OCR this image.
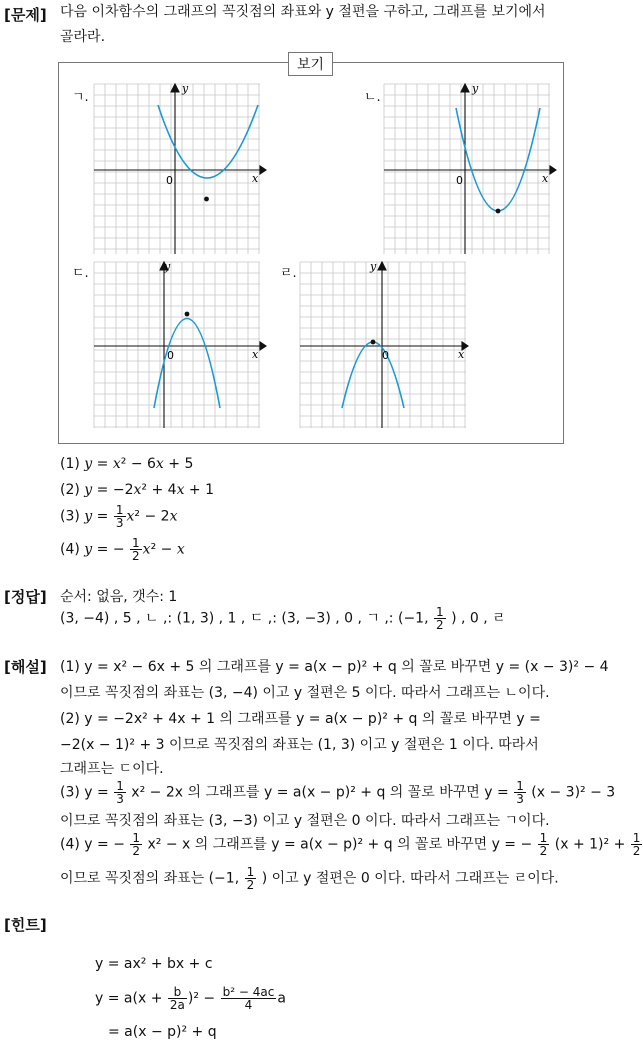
[문제] 다음 이차함수의 그래프의 꼭짓점의 좌표와 y 절편을 구하고, 그래프를 보기에서
골라라.
보기
ㄱ.	ㄴ.
ㄷ.	ㄹ.
y
x
0
y
x
0
y
x
0
y
x
0
(1) y = x² − 6x + 5
(2) y = −2x² + 4x + 1
(3) $y = \frac{1}{3} x^2 - 2x$
(4) y = − $\frac{1}{2} x^2 - x$
[정답] 순서: 없음, 갯수: 1
(3, −4) , 5 , ㄴ ,: (1, 3) , 1 , ㄷ ,: (3, −3) , 0 , ㄱ ,: (−1, $\frac{1}{2}$ ) , 0 , ㄹ
[해설] (1) y = x² − 6x + 5 의 그래프를 y = a(x − p)² + q 의 꼴로 바꾸면 y = (x − 3)² − 4
이므로 꼭짓점의 좌표는 (3, −4) 이고 y 절편은 5 이다. 따라서 그래프는 ㄴ이다.
(2) y = −2x² + 4x + 1 의 그래프를 y = a(x − p)² + q 의 꼴로 바꾸면 y =
−2(x − 1)² + 3 이므로 꼭짓점의 좌표는 (1, 3) 이고 y 절편은 1 이다. 따라서
그래프는 ㄷ이다.
(3) $y = \frac{1}{3} x^2 - 2x$ 의 그래프를 y = a(x − p)² + q 의 꼴로 바꾸면 $y = \frac{1}{3} (x - 3)^2 - 3$
이므로 꼭짓점의 좌표는 (3, −3) 이고 y 절편은 0 이다. 따라서 그래프는 ㄱ이다.
(4) y = − $\frac{1}{2} x^2 - x$ 의 그래프를 y = a(x − p)² + q 의 꼴로 바꾸면 y = − $\frac{1}{2} (x + 1)^2 + \frac{1}{2}$
이므로 꼭짓점의 좌표는 (−1, $\frac{1}{2}$ ) 이고 y 절편은 0 이다. 따라서 그래프는 ㄹ이다.
[힌트]
y = ax² + bx + c
$y = a(x + \frac{b}{2a} )^2 - \frac{\text{b² − 4ac}}{4}$ a
= a(x − p)² + q
